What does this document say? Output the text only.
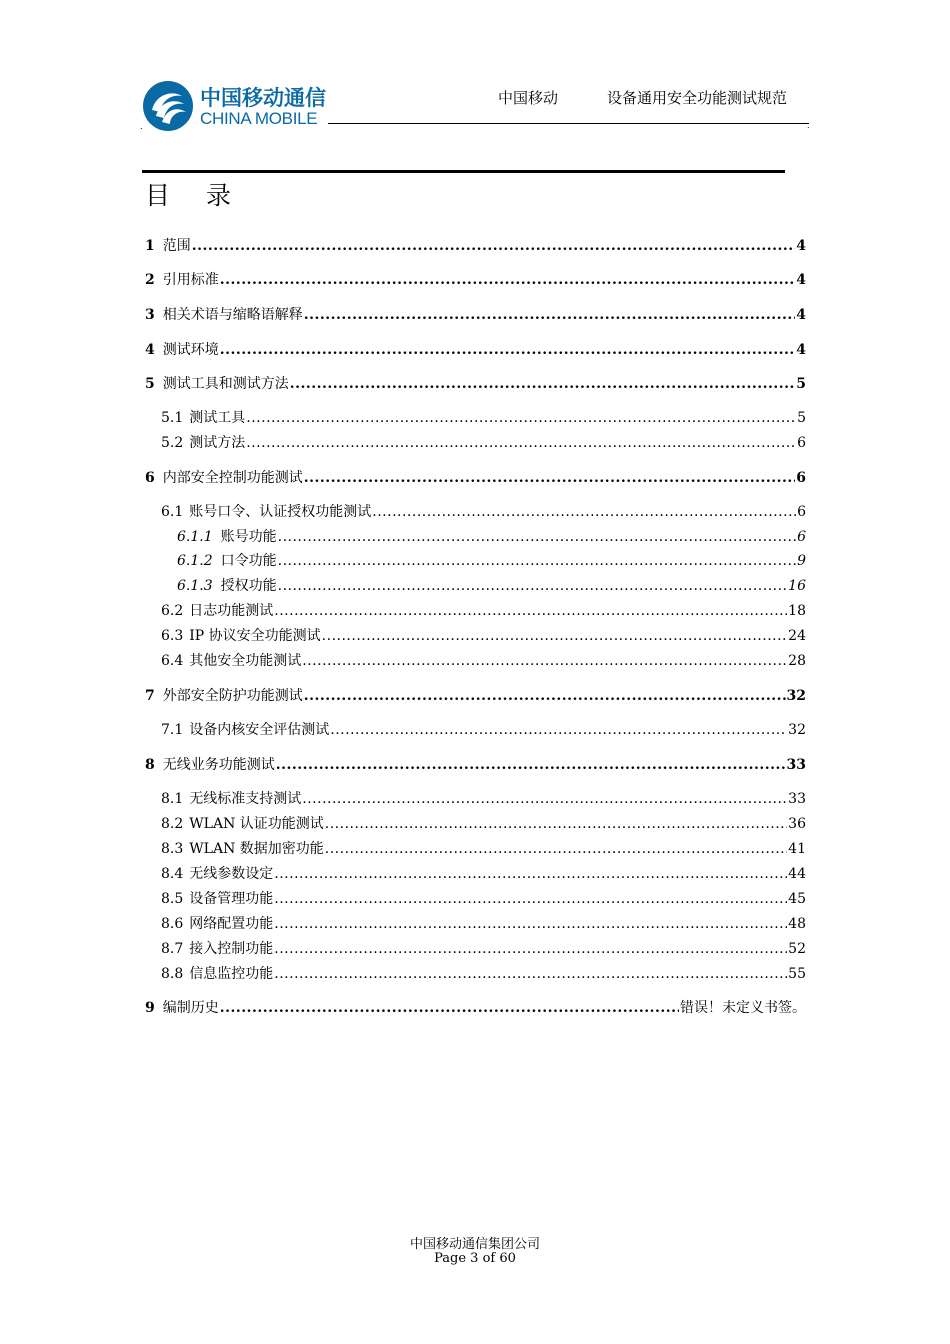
中国移动通信
CHINA MOBILE
中国移动	设备通用安全功能测试规范
.	.
目 录
1 范围 .....	4
2 引用标准 .....	4
3 相关术语与缩略语解释 .....	4
4 测试环境 .....	4
5 测试工具和测试方法 .....	5
5.1 测试工具 .....	5
5.2 测试方法 .....	6
6 内部安全控制功能测试 .....	6
6.1 账号口令、认证授权功能测试 .....	6
6.1.1 账号功能 .....	6
6.1.2 口令功能 .....	9
6.1.3 授权功能 .....	16
6.2 日志功能测试 .....	18
6.3 IP 协议安全功能测试 .....	24
6.4 其他安全功能测试 .....	28
7 外部安全防护功能测试 .....	32
7.1 设备内核安全评估测试 .....	32
8 无线业务功能测试 .....	33
8.1 无线标准支持测试 .....	33
8.2 WLAN 认证功能测试 .....	36
8.3 WLAN 数据加密功能 .....	41
8.4 无线参数设定 .....	44
8.5 设备管理功能 .....	45
8.6 网络配置功能 .....	48
8.7 接入控制功能 .....	52
8.8 信息监控功能 .....	55
9 编制历史 .....	错误！未定义书签。
中国移动通信集团公司
Page 3 of 60
